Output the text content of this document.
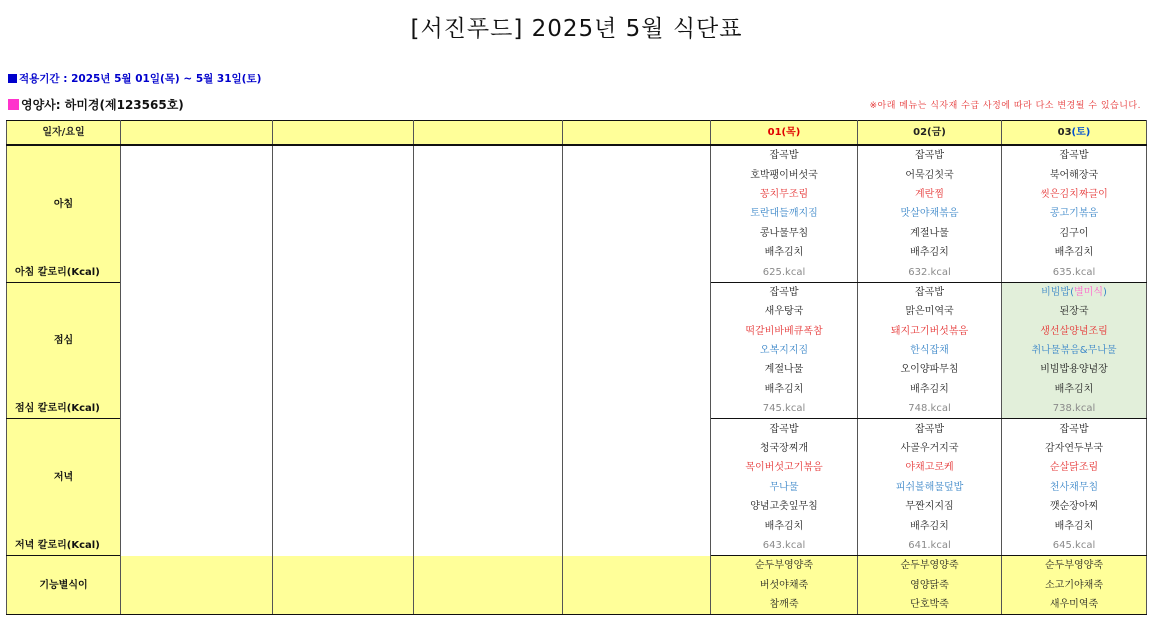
[서진푸드] 2025년 5월 식단표
적용기간 : 2025년 5월 01일(목) ~ 5월 31일(토)
영양사: 하미경(제123565호)	※아래 메뉴는 식자재 수급 사정에 따라 다소 변경될 수 있습니다.
일자/요일					01(목)	02(금)	03(토)
아침					잡곡밥	잡곡밥	잡곡밥
					호박팽이버섯국	어묵김칫국	북어해장국
					꽁치무조림	계란찜	씻은김치짜글이
					토란대들깨지짐	맛살야채볶음	콩고기볶음
					콩나물무침	계절나물	김구이
					배추김치	배추김치	배추김치
아침 칼로리(Kcal)					625.kcal	632.kcal	635.kcal
점심					잡곡밥	잡곡밥	비빔밥(별미식)
					새우탕국	맑은미역국	된장국
					떡갈비바베큐폭참	돼지고기버섯볶음	생선살양념조림
					오복지지짐	한식잡채	취나물볶음&무나물
					계절나물	오이양파무침	비빔밥용양념장
					배추김치	배추김치	배추김치
점심 칼로리(Kcal)					745.kcal	748.kcal	738.kcal
저녁					잡곡밥	잡곡밥	잡곡밥
					청국장찌개	사골우거지국	감자연두부국
					목이버섯고기볶음	야채고로케	순살닭조림
					무나물	피쉬볼해물덮밥	천사채무침
					양념고춧잎무침	무짠지지짐	깻순장아찌
					배추김치	배추김치	배추김치
저녁 칼로리(Kcal)					643.kcal	641.kcal	645.kcal
기능별식이					순두부영양죽	순두부영양죽	순두부영양죽
					버섯야채죽	영양닭죽	소고기야채죽
					참깨죽	단호박죽	새우미역죽
